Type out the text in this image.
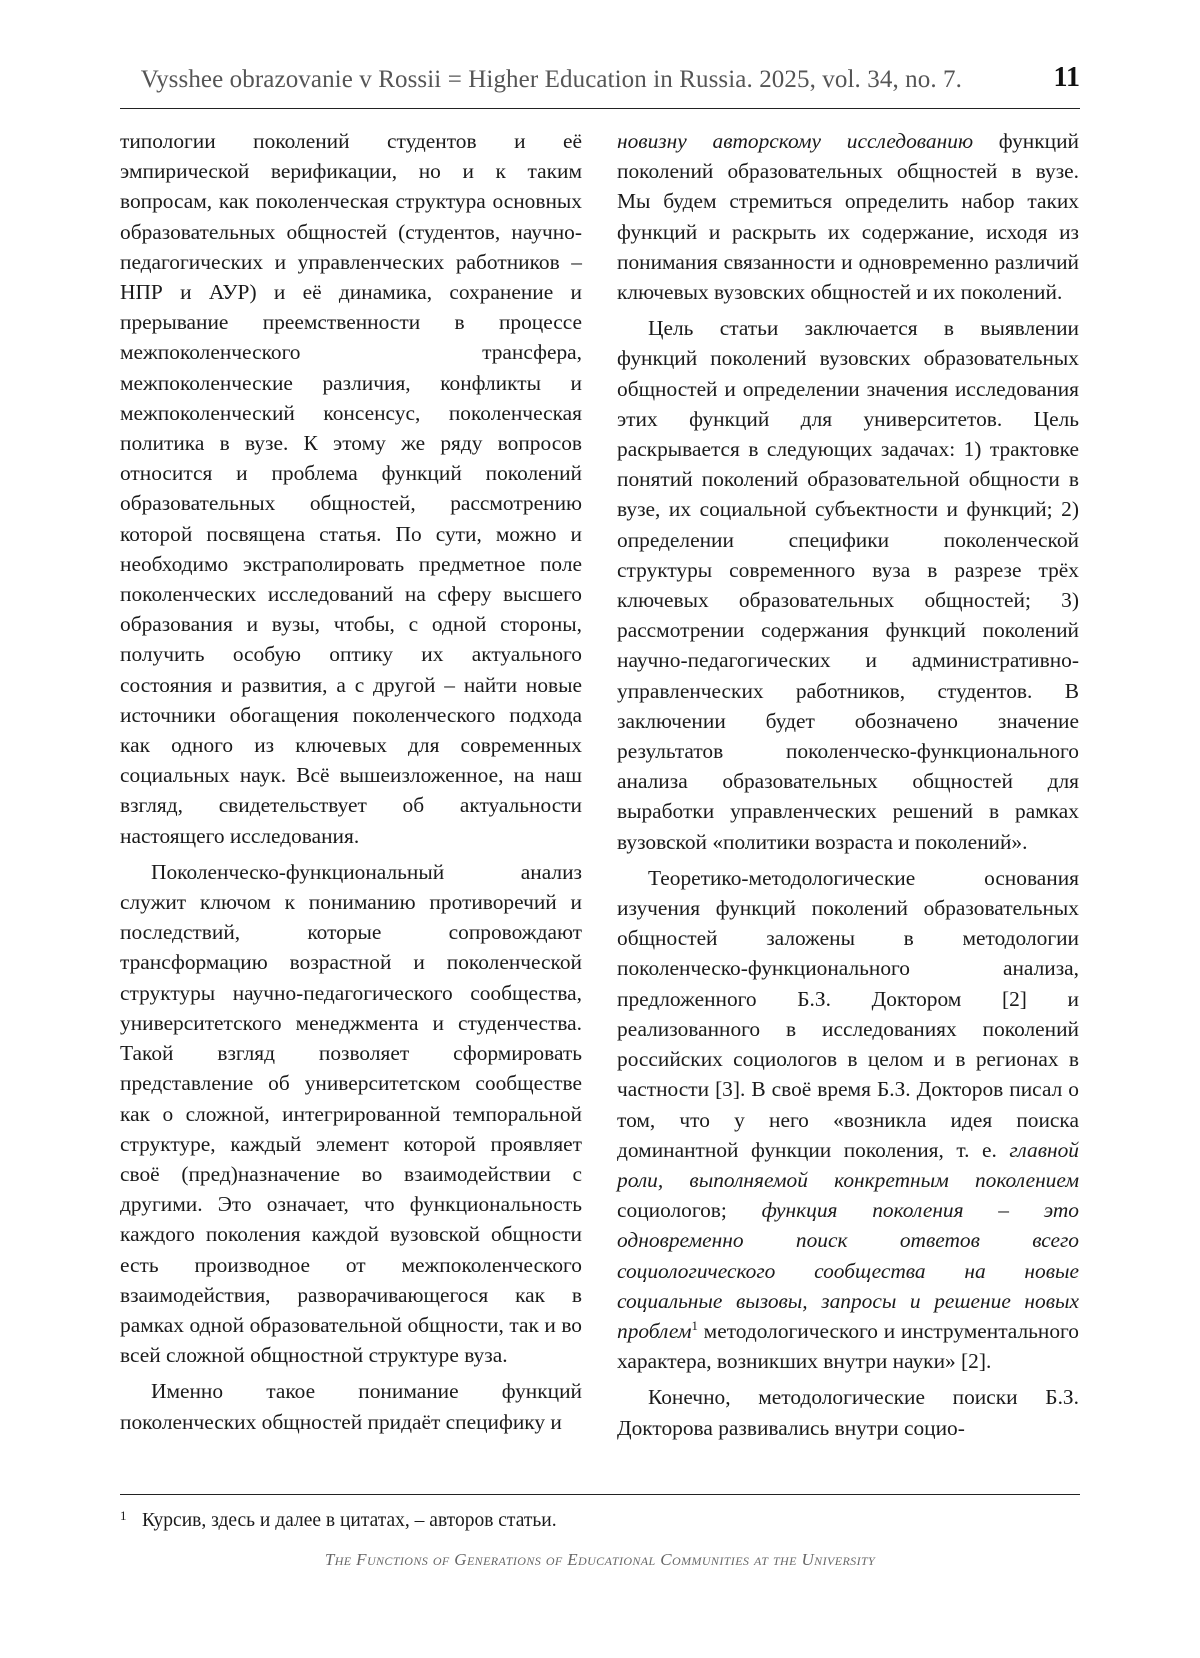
Vysshee obrazovanie v Rossii = Higher Education in Russia. 2025, vol. 34, no. 7.	11

типологии поколений студентов и её эмпирической верификации, но и к таким вопросам, как поколенческая структура основных образовательных общностей (студентов, научно-педагогических и управленческих работников – НПР и АУР) и её динамика, сохранение и прерывание преемственности в процессе межпоколенческого трансфера, межпоколенческие различия, конфликты и межпоколенческий консенсус, поколенческая политика в вузе. К этому же ряду вопросов относится и проблема функций поколений образовательных общностей, рассмотрению которой посвящена статья. По сути, можно и необходимо экстраполировать предметное поле поколенческих исследований на сферу высшего образования и вузы, чтобы, с одной стороны, получить особую оптику их актуального состояния и развития, а с другой – найти новые источники обогащения поколенческого подхода как одного из ключевых для современных социальных наук. Всё вышеизложенное, на наш взгляд, свидетельствует об актуальности настоящего исследования.

Поколенческо-функциональный анализ служит ключом к пониманию противоречий и последствий, которые сопровождают трансформацию возрастной и поколенческой структуры научно-педагогического сообщества, университетского менеджмента и студенчества. Такой взгляд позволяет сформировать представление об университетском сообществе как о сложной, интегрированной темпоральной структуре, каждый элемент которой проявляет своё (пред)назначение во взаимодействии с другими. Это означает, что функциональность каждого поколения каждой вузовской общности есть производное от межпоколенческого взаимодействия, разворачивающегося как в рамках одной образовательной общности, так и во всей сложной общностной структуре вуза.

Именно такое понимание функций поколенческих общностей придаёт специфику и

новизну авторскому исследованию функций поколений образовательных общностей в вузе. Мы будем стремиться определить набор таких функций и раскрыть их содержание, исходя из понимания связанности и одновременно различий ключевых вузовских общностей и их поколений.

Цель статьи заключается в выявлении функций поколений вузовских образовательных общностей и определении значения исследования этих функций для университетов. Цель раскрывается в следующих задачах: 1) трактовке понятий поколений образовательной общности в вузе, их социальной субъектности и функций; 2) определении специфики поколенческой структуры современного вуза в разрезе трёх ключевых образовательных общностей; 3) рассмотрении содержания функций поколений научно-педагогических и административно-управленческих работников, студентов. В заключении будет обозначено значение результатов поколенческо-функционального анализа образовательных общностей для выработки управленческих решений в рамках вузовской «политики возраста и поколений».

Теоретико-методологические основания изучения функций поколений образовательных общностей заложены в методологии поколенческо-функционального анализа, предложенного Б.З. Доктором [2] и реализованного в исследованиях поколений российских социологов в целом и в регионах в частности [3]. В своё время Б.З. Докторов писал о том, что у него «возникла идея поиска доминантной функции поколения, т. е. главной роли, выполняемой конкретным поколением социологов; функция поколения – это одновременно поиск ответов всего социологического сообщества на новые социальные вызовы, запросы и решение новых проблем$^1$ методологического и инструментального характера, возникших внутри науки» [2].

Конечно, методологические поиски Б.З. Докторова развивались внутри социо-

1 Курсив, здесь и далее в цитатах, – авторов статьи.
The Functions of Generations of Educational Communities at the University
